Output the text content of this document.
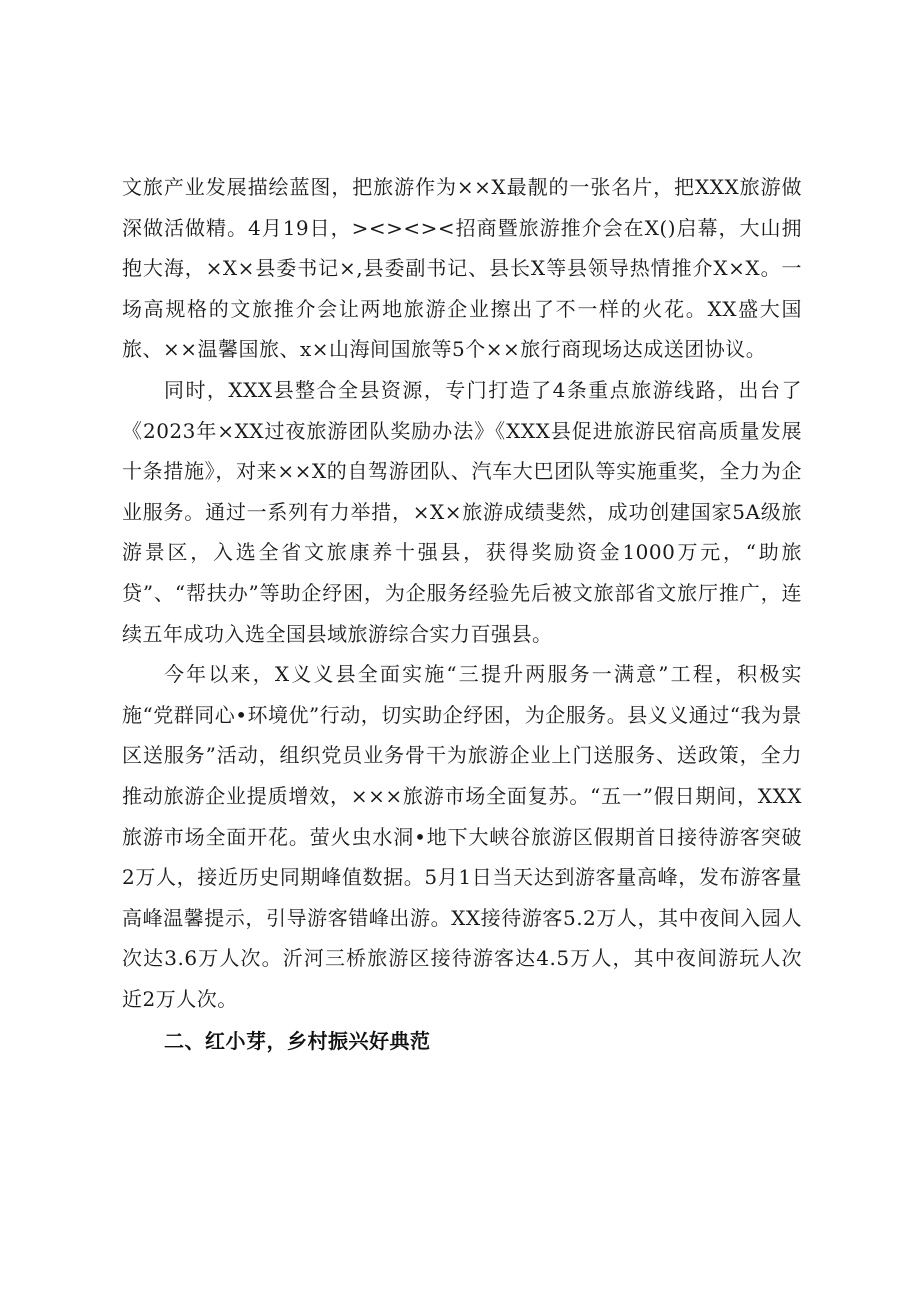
文旅产业发展描绘蓝图，把旅游作为××X最靓的一张名片，把XXX旅游做深做活做精。4月19日，><><><招商暨旅游推介会在X()启幕，大山拥抱大海，×X×县委书记×,县委副书记、县长X等县领导热情推介X×X。一场高规格的文旅推介会让两地旅游企业擦出了不一样的火花。XX盛大国旅、××温馨国旅、x×山海间国旅等5个××旅行商现场达成送团协议。

同时，XXX县整合全县资源，专门打造了4条重点旅游线路，出台了《2023年×XX过夜旅游团队奖励办法》《XXX县促进旅游民宿高质量发展十条措施》，对来××X的自驾游团队、汽车大巴团队等实施重奖，全力为企业服务。通过一系列有力举措，×X×旅游成绩斐然，成功创建国家5A级旅游景区，入选全省文旅康养十强县，获得奖励资金1000万元，“助旅贷”、“帮扶办”等助企纾困，为企服务经验先后被文旅部省文旅厅推广，连续五年成功入选全国县域旅游综合实力百强县。

今年以来，X义义县全面实施“三提升两服务一满意”工程，积极实施“党群同心•环境优”行动，切实助企纾困，为企服务。县义义通过“我为景区送服务”活动，组织党员业务骨干为旅游企业上门送服务、送政策，全力推动旅游企业提质增效，×××旅游市场全面复苏。“五一”假日期间，XXX旅游市场全面开花。萤火虫水洞•地下大峡谷旅游区假期首日接待游客突破2万人，接近历史同期峰值数据。5月1日当天达到游客量高峰，发布游客量高峰温馨提示，引导游客错峰出游。XX接待游客5.2万人，其中夜间入园人次达3.6万人次。沂河三桥旅游区接待游客达4.5万人，其中夜间游玩人次近2万人次。

二、红小芽，乡村振兴好典范
